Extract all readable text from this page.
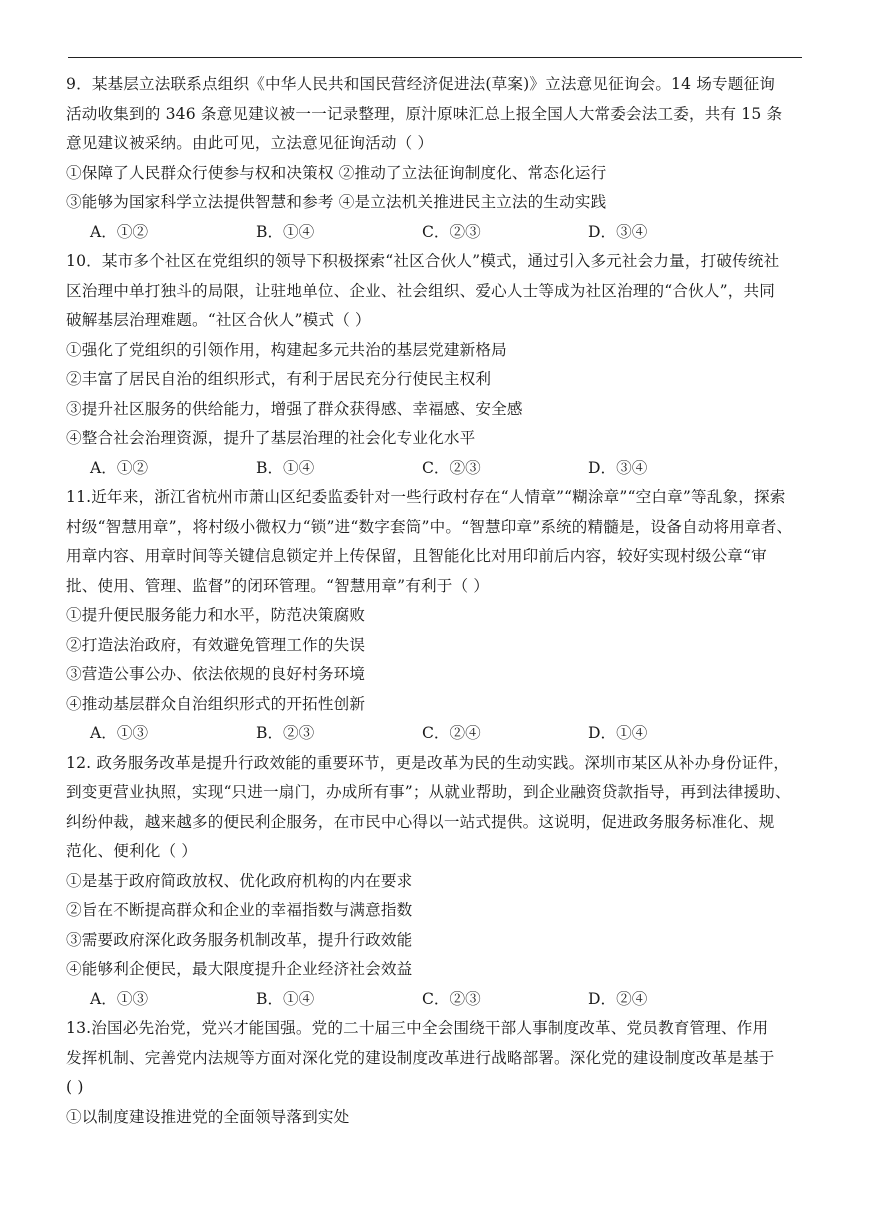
9．某基层立法联系点组织《中华人民共和国民营经济促进法(草案)》立法意见征询会。14 场专题征询
活动收集到的 346 条意见建议被一一记录整理，原汁原味汇总上报全国人大常委会法工委，共有 15 条
意见建议被采纳。由此可见，立法意见征询活动（ ）
①保障了人民群众行使参与权和决策权 ②推动了立法征询制度化、常态化运行
③能够为国家科学立法提供智慧和参考 ④是立法机关推进民主立法的生动实践
A．①②	B．①④	C．②③	D．③④
10．某市多个社区在党组织的领导下积极探索“社区合伙人”模式，通过引入多元社会力量，打破传统社
区治理中单打独斗的局限，让驻地单位、企业、社会组织、爱心人士等成为社区治理的“合伙人”，共同
破解基层治理难题。“社区合伙人”模式（ ）
①强化了党组织的引领作用，构建起多元共治的基层党建新格局
②丰富了居民自治的组织形式，有利于居民充分行使民主权利
③提升社区服务的供给能力，增强了群众获得感、幸福感、安全感
④整合社会治理资源，提升了基层治理的社会化专业化水平
A．①②	B．①④	C．②③	D．③④
11.近年来，浙江省杭州市萧山区纪委监委针对一些行政村存在“人情章”“糊涂章”“空白章”等乱象，探索
村级“智慧用章”，将村级小微权力“锁”进“数字套筒”中。“智慧印章”系统的精髓是，设备自动将用章者、
用章内容、用章时间等关键信息锁定并上传保留，且智能化比对用印前后内容，较好实现村级公章“审
批、使用、管理、监督”的闭环管理。“智慧用章”有利于（ ）
①提升便民服务能力和水平，防范决策腐败
②打造法治政府，有效避免管理工作的失误
③营造公事公办、依法依规的良好村务环境
④推动基层群众自治组织形式的开拓性创新
A．①③	B．②③	C．②④	D．①④
12. 政务服务改革是提升行政效能的重要环节，更是改革为民的生动实践。深圳市某区从补办身份证件，
到变更营业执照，实现“只进一扇门，办成所有事”；从就业帮助，到企业融资贷款指导，再到法律援助、
纠纷仲裁，越来越多的便民利企服务，在市民中心得以一站式提供。这说明，促进政务服务标准化、规
范化、便利化（ ）
①是基于政府简政放权、优化政府机构的内在要求
②旨在不断提高群众和企业的幸福指数与满意指数
③需要政府深化政务服务机制改革，提升行政效能
④能够利企便民，最大限度提升企业经济社会效益
A．①③	B．①④	C．②③	D．②④
13.治国必先治党，党兴才能国强。党的二十届三中全会围绕干部人事制度改革、党员教育管理、作用
发挥机制、完善党内法规等方面对深化党的建设制度改革进行战略部署。深化党的建设制度改革是基于
( )
①以制度建设推进党的全面领导落到实处
